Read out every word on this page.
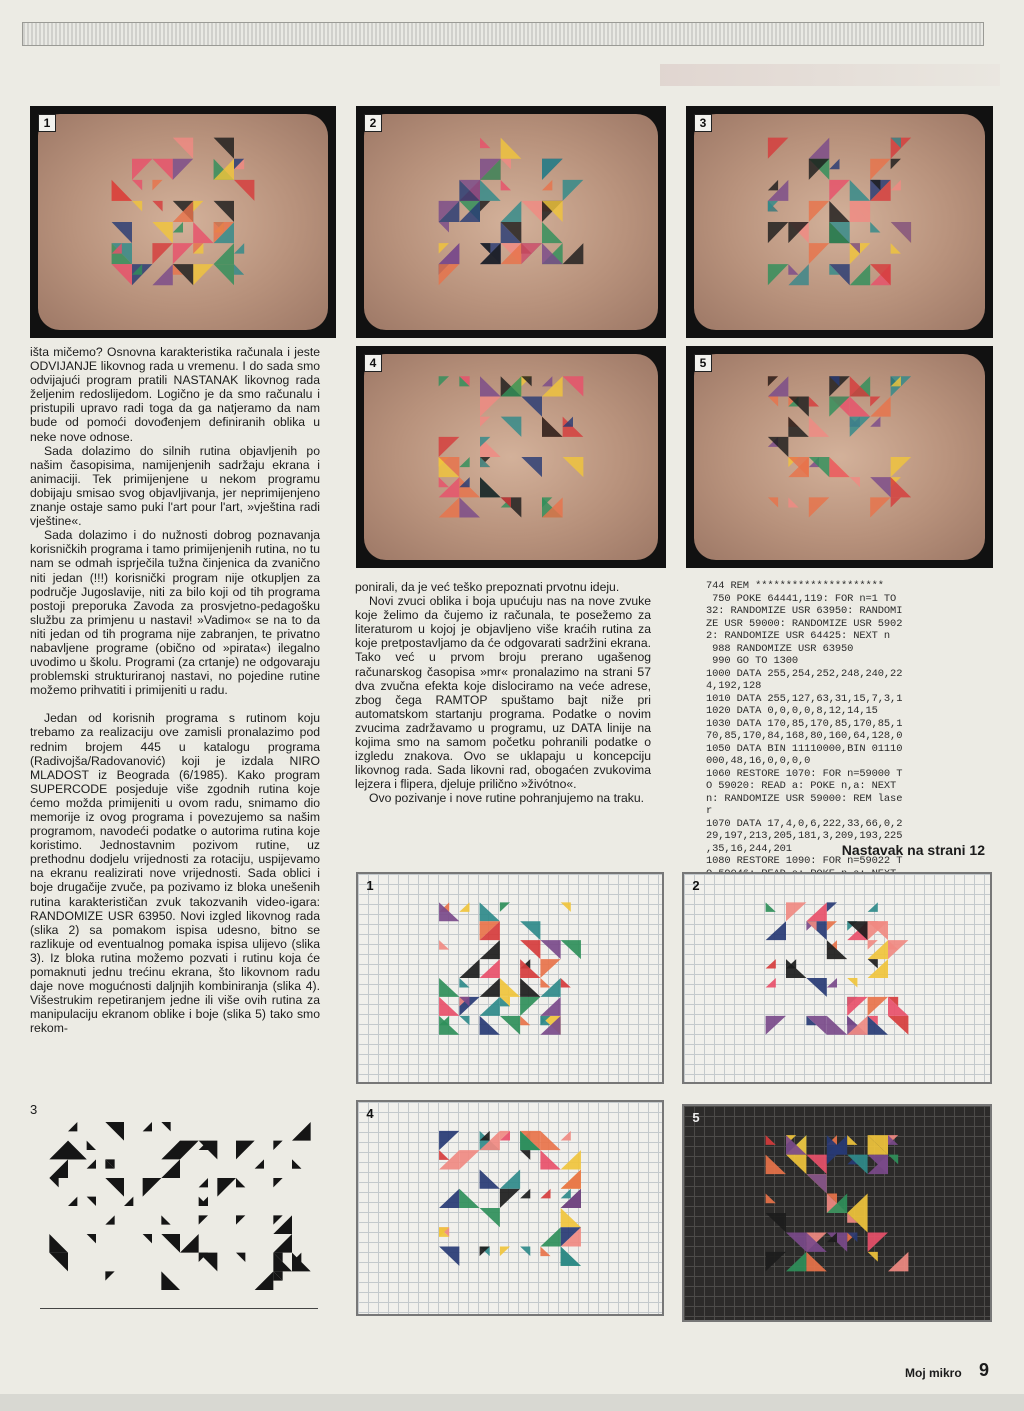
1	2	3
4	5

išta mičemo? Osnovna karakteristika računala i jeste ODVIJANJE likovnog rada u vremenu. I do sada smo odvijajući program pratili NASTANAK likovnog rada željenim redoslijedom. Logično je da smo računalu i pristupili upravo radi toga da ga natjeramo da nam bude od pomoći dovođenjem definiranih oblika u neke nove odnose.

Sada dolazimo do silnih rutina objavljenih po našim časopisima, namijenjenih sadržaju ekrana i animaciji. Tek primijenjene u nekom programu dobijaju smisao svog objavljivanja, jer neprimijenjeno znanje ostaje samo puki l'art pour l'art, »vještina radi vještine«.

Sada dolazimo i do nužnosti dobrog poznavanja korisničkih programa i tamo primijenjenih rutina, no tu nam se odmah isprječila tužna činjenica da zvanično niti jedan (!!!) korisnički program nije otkupljen za područje Jugoslavije, niti za bilo koji od tih programa postoji preporuka Zavoda za prosvjetno-pedagošku službu za primjenu u nastavi! »Vadimo« se na to da niti jedan od tih programa nije zabranjen, te privatno nabavljene programe (obično od »pirata«) ilegalno uvodimo u školu. Programi (za crtanje) ne odgovaraju problemski strukturiranoj nastavi, no pojedine rutine možemo prihvatiti i primijeniti u radu.

Jedan od korisnih programa s rutinom koju trebamo za realizaciju ove zamisli pronalazimo pod rednim brojem 445 u katalogu programa (Radivojša/Radovanović) koji je izdala NIRO MLADOST iz Beograda (6/1985). Kako program SUPERCODE posjeduje više zgodnih rutina koje ćemo možda primijeniti u ovom radu, snimamo dio memorije iz ovog programa i povezujemo sa našim programom, navodeći podatke o autorima rutina koje koristimo. Jednostavnim pozivom rutine, uz prethodnu dodjelu vrijednosti za rotaciju, uspijevamo na ekranu realizirati nove vrijednosti. Sada oblici i boje drugačije zvuče, pa pozivamo iz bloka unešenih rutina karakterističan zvuk takozvanih video-igara: RANDOMIZE USR 63950. Novi izgled likovnog rada (slika 2) sa pomakom ispisa udesno, bitno se razlikuje od eventualnog pomaka ispisa ulijevo (slika 3). Iz bloka rutina možemo pozvati i rutinu koja će pomaknuti jednu trećinu ekrana, što likovnom radu daje nove mogućnosti daljnjih kombiniranja (slika 4). Višestrukim repetiranjem jedne ili više ovih rutina za manipulaciju ekranom oblike i boje (slika 5) tako smo rekom-

ponirali, da je već teško prepoznati prvotnu ideju.

Novi zvuci oblika i boja upućuju nas na nove zvuke koje želimo da čujemo iz računala, te posežemo za literaturom u kojoj je objavljeno više kraćih rutina za koje pretpostavljamo da će odgovarati sadržini ekrana. Tako već u prvom broju prerano ugašenog računarskog časopisa »mr« pronalazimo na strani 57 dva zvučna efekta koje dislociramo na veće adrese, zbog čega RAMTOP spuštamo bajt niže pri automatskom startanju programa. Podatke o novim zvucima zadržavamo u programu, uz DATA linije na kojima smo na samom početku pohranili podatke o izgledu znakova. Ovo se uklapaju u koncepciju likovnog rada. Sada likovni rad, obogaćen zvukovima lejzera i flipera, djeluje prilično »živótno«.

Ovo pozivanje i nove rutine pohranjujemo na traku.

744 REM *********************
750 POKE 64441,119: FOR n=1 TO
32: RANDOMIZE USR 63950: RANDOMI
ZE USR 59000: RANDOMIZE USR 5902
2: RANDOMIZE USR 64425: NEXT n
988 RANDOMIZE USR 63950
990 GO TO 1300
1000 DATA 255,254,252,248,240,22
4,192,128
1010 DATA 255,127,63,31,15,7,3,1
1020 DATA 0,0,0,0,8,12,14,15
1030 DATA 170,85,170,85,170,85,1
70,85,170,84,168,80,160,64,128,0
1050 DATA BIN 11110000,BIN 01110
000,48,16,0,0,0,0
1060 RESTORE 1070: FOR n=59000 T
O 59020: READ a: POKE n,a: NEXT
n: RANDOMIZE USR 59000: REM lase
r
1070 DATA 17,4,0,6,222,33,66,0,2
29,197,213,205,181,3,209,193,225
,35,16,244,201
1080 RESTORE 1090: FOR n=59022 T

Nastavak na strani 12
1	2
4	5
3
Moj mikro 9
